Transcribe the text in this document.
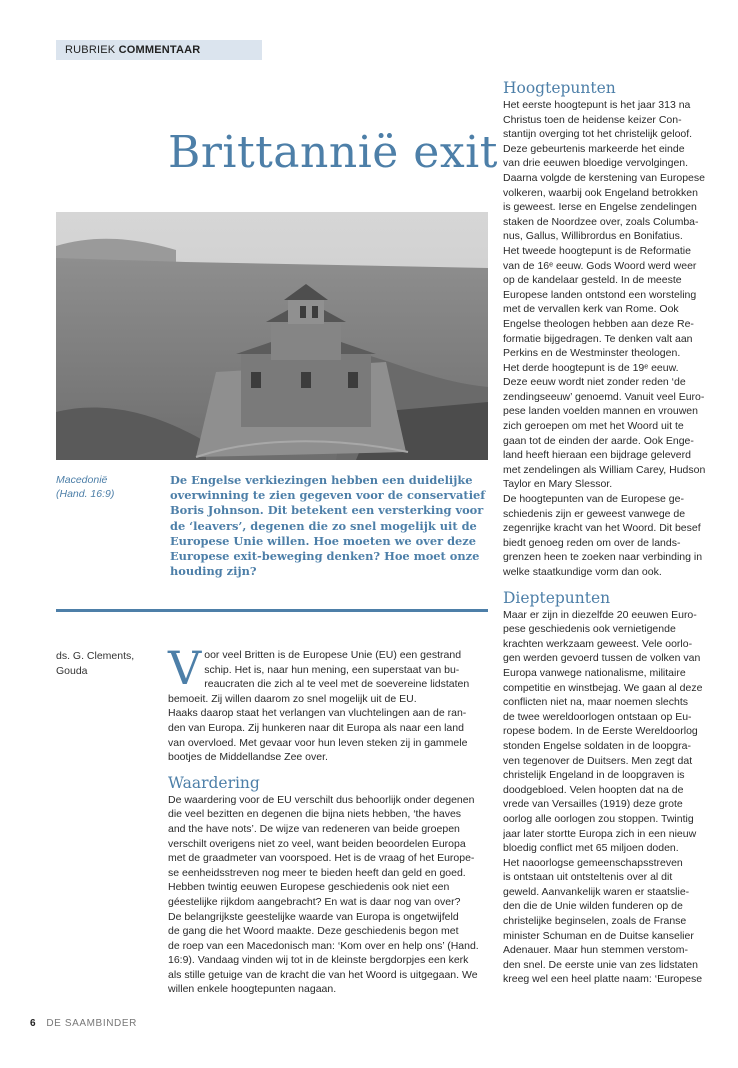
RUBRIEK COMMENTAAR
Brittannië exit
Macedonië
(Hand. 16:9)
De Engelse verkiezingen hebben een duidelijke
overwinning te zien gegeven voor de conservatief
Boris Johnson. Dit betekent een versterking voor
de ‘leavers’, degenen die zo snel mogelijk uit de
Europese Unie willen. Hoe moeten we over deze
Europese exit-beweging denken? Hoe moet onze
houding zijn?
ds. G. Clements,
Gouda	V oor veel Britten is de Europese Unie (EU) een gestrand
schip. Het is, naar hun mening, een superstaat van bu-
reaucraten die zich al te veel met de soevereine lidstaten
bemoeit. Zij willen daarom zo snel mogelijk uit de EU.
Haaks daarop staat het verlangen van vluchtelingen aan de ran-
den van Europa. Zij hunkeren naar dit Europa als naar een land
van overvloed. Met gevaar voor hun leven steken zij in gammele
bootjes de Middellandse Zee over.
Waardering
De waardering voor de EU verschilt dus behoorlijk onder degenen
die veel bezitten en degenen die bijna niets hebben, ‘the haves
and the have nots’. De wijze van redeneren van beide groepen
verschilt overigens niet zo veel, want beiden beoordelen Europa
met de graadmeter van voorspoed. Het is de vraag of het Europe-
se eenheidsstreven nog meer te bieden heeft dan geld en goed.
Hebben twintig eeuwen Europese geschiedenis ook niet een
géestelijke rijkdom aangebracht? En wat is daar nog van over?
De belangrijkste geestelijke waarde van Europa is ongetwijfeld
de gang die het Woord maakte. Deze geschiedenis begon met
de roep van een Macedonisch man: ‘Kom over en help ons’ (Hand.
16:9). Vandaag vinden wij tot in de kleinste bergdorpjes een kerk
als stille getuige van de kracht die van het Woord is uitgegaan. We
willen enkele hoogtepunten nagaan.
Hoogtepunten
Het eerste hoogtepunt is het jaar 313 na
Christus toen de heidense keizer Con-
stantijn overging tot het christelijk geloof.
Deze gebeurtenis markeerde het einde
van drie eeuwen bloedige vervolgingen.
Daarna volgde de kerstening van Europese
volkeren, waarbij ook Engeland betrokken
is geweest. Ierse en Engelse zendelingen
staken de Noordzee over, zoals Columba-
nus, Gallus, Willibrordus en Bonifatius.
Het tweede hoogtepunt is de Reformatie
van de 16ᵉ eeuw. Gods Woord werd weer
op de kandelaar gesteld. In de meeste
Europese landen ontstond een worsteling
met de vervallen kerk van Rome. Ook
Engelse theologen hebben aan deze Re-
formatie bijgedragen. Te denken valt aan
Perkins en de Westminster theologen.
Het derde hoogtepunt is de 19ᵉ eeuw.
Deze eeuw wordt niet zonder reden ‘de
zendingseeuw’ genoemd. Vanuit veel Euro-
pese landen voelden mannen en vrouwen
zich geroepen om met het Woord uit te
gaan tot de einden der aarde. Ook Enge-
land heeft hieraan een bijdrage geleverd
met zendelingen als William Carey, Hudson
Taylor en Mary Slessor.
De hoogtepunten van de Europese ge-
schiedenis zijn er geweest vanwege de
zegenrijke kracht van het Woord. Dit besef
biedt genoeg reden om over de lands-
grenzen heen te zoeken naar verbinding in
welke staatkundige vorm dan ook.
Dieptepunten
Maar er zijn in diezelfde 20 eeuwen Euro-
pese geschiedenis ook vernietigende
krachten werkzaam geweest. Vele oorlo-
gen werden gevoerd tussen de volken van
Europa vanwege nationalisme, militaire
competitie en winstbejag. We gaan al deze
conflicten niet na, maar noemen slechts
de twee wereldoorlogen ontstaan op Eu-
ropese bodem. In de Eerste Wereldoorlog
stonden Engelse soldaten in de loopgra-
ven tegenover de Duitsers. Men zegt dat
christelijk Engeland in de loopgraven is
doodgebloed. Velen hoopten dat na de
vrede van Versailles (1919) deze grote
oorlog alle oorlogen zou stoppen. Twintig
jaar later stortte Europa zich in een nieuw
bloedig conflict met 65 miljoen doden.
Het naoorlogse gemeenschapsstreven
is ontstaan uit ontsteltenis over al dit
geweld. Aanvankelijk waren er staatslie-
den die de Unie wilden funderen op de
christelijke beginselen, zoals de Franse
minister Schuman en de Duitse kanselier
Adenauer. Maar hun stemmen verstom-
den snel. De eerste unie van zes lidstaten
kreeg wel een heel platte naam: ‘Europese
6 DE SAAMBINDER
